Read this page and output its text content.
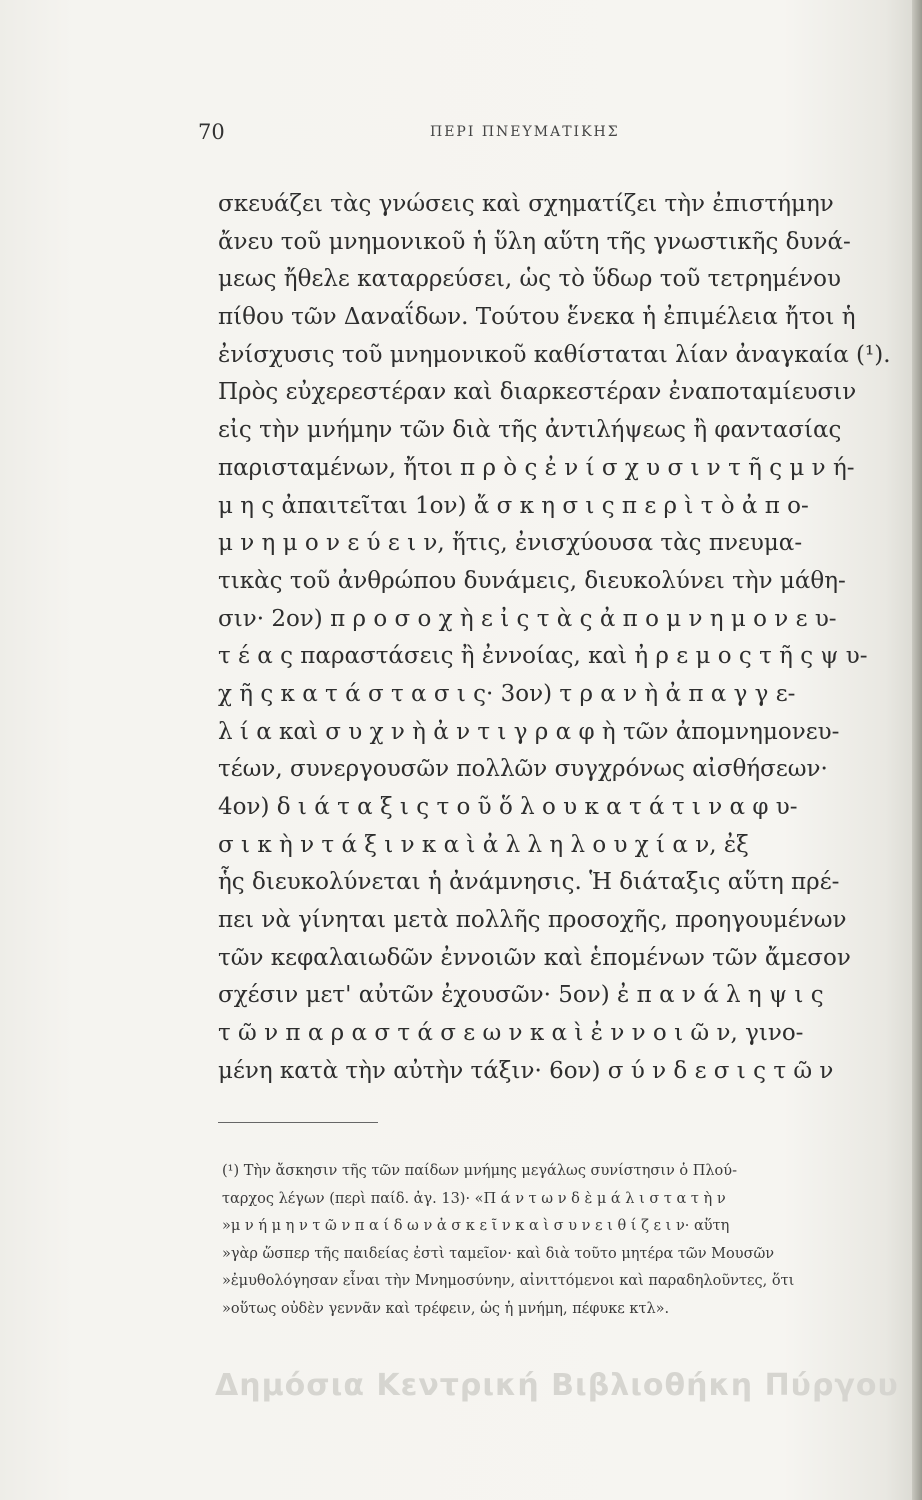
70	ΠΕΡΙ ΠΝΕΥΜΑΤΙΚΗΣ
σκευάζει τὰς γνώσεις καὶ σχηματίζει τὴν ἐπιστήμην
ἄνευ τοῦ μνημονικοῦ ἡ ὕλη αὕτη τῆς γνωστικῆς δυνά-
μεως ἤθελε καταρρεύσει, ὡς τὸ ὕδωρ τοῦ τετρημένου
πίθου τῶν Δαναΐδων. Τούτου ἕνεκα ἡ ἐπιμέλεια ἤτοι ἡ
ἐνίσχυσις τοῦ μνημονικοῦ καθίσταται λίαν ἀναγκαία (¹).
Πρὸς εὐχερεστέραν καὶ διαρκεστέραν ἐναποταμίευσιν
εἰς τὴν μνήμην τῶν διὰ τῆς ἀντιλήψεως ἢ φαντασίας
παρισταμένων, ἤτοι π ρ ὸ ς ἐ ν ί σ χ υ σ ι ν τ ῆ ς μ ν ή-
μ η ς ἀπαιτεῖται 1ον) ἄ σ κ η σ ι ς π ε ρ ὶ τ ὸ ἀ π ο-
μ ν η μ ο ν ε ύ ε ι ν, ἥτις, ἐνισχύουσα τὰς πνευμα-
τικὰς τοῦ ἀνθρώπου δυνάμεις, διευκολύνει τὴν μάθη-
σιν· 2ον) π ρ ο σ ο χ ὴ ε ἰ ς τ ὰ ς ἀ π ο μ ν η μ ο ν ε υ-
τ έ α ς παραστάσεις ἢ ἐννοίας, καὶ ἠ ρ ε μ ο ς τ ῆ ς ψ υ-
χ ῆ ς κ α τ ά σ τ α σ ι ς· 3ον) τ ρ α ν ὴ ἀ π α γ γ ε-
λ ί α καὶ σ υ χ ν ὴ ἀ ν τ ι γ ρ α φ ὴ τῶν ἀπομνημονευ-
τέων, συνεργουσῶν πολλῶν συγχρόνως αἰσθήσεων·
4ον) δ ι ά τ α ξ ι ς τ ο ῦ ὅ λ ο υ κ α τ ά τ ι ν α φ υ-
σ ι κ ὴ ν τ ά ξ ι ν κ α ὶ ἀ λ λ η λ ο υ χ ί α ν, ἐξ
ἧς διευκολύνεται ἡ ἀνάμνησις. Ἡ διάταξις αὕτη πρέ-
πει νὰ γίνηται μετὰ πολλῆς προσοχῆς, προηγουμένων
τῶν κεφαλαιωδῶν ἐννοιῶν καὶ ἑπομένων τῶν ἄμεσον
σχέσιν μετ' αὐτῶν ἐχουσῶν· 5ον) ἐ π α ν ά λ η ψ ι ς
τ ῶ ν π α ρ α σ τ ά σ ε ω ν κ α ὶ ἐ ν ν ο ι ῶ ν, γινο-
μένη κατὰ τὴν αὐτὴν τάξιν· 6ον) σ ύ ν δ ε σ ι ς τ ῶ ν
(¹) Τὴν ἄσκησιν τῆς τῶν παίδων μνήμης μεγάλως συνίστησιν ὁ Πλού-
ταρχος λέγων (περὶ παίδ. ἀγ. 13)· «Π ά ν τ ω ν δ ὲ μ ά λ ι σ τ α τ ὴ ν
»μ ν ή μ η ν τ ῶ ν π α ί δ ω ν ἀ σ κ ε ῖ ν κ α ὶ σ υ ν ε ι θ ί ζ ε ι ν· αὕτη
»γὰρ ὥσπερ τῆς παιδείας ἐστὶ ταμεῖον· καὶ διὰ τοῦτο μητέρα τῶν Μουσῶν
»ἐμυθολόγησαν εἶναι τὴν Μνημοσύνην, αἰνιττόμενοι καὶ παραδηλοῦντες, ὅτι
»οὕτως οὐδὲν γεννᾶν καὶ τρέφειν, ὡς ἡ μνήμη, πέφυκε κτλ».
Δημόσια Κεντρική Βιβλιοθήκη Πύργου
